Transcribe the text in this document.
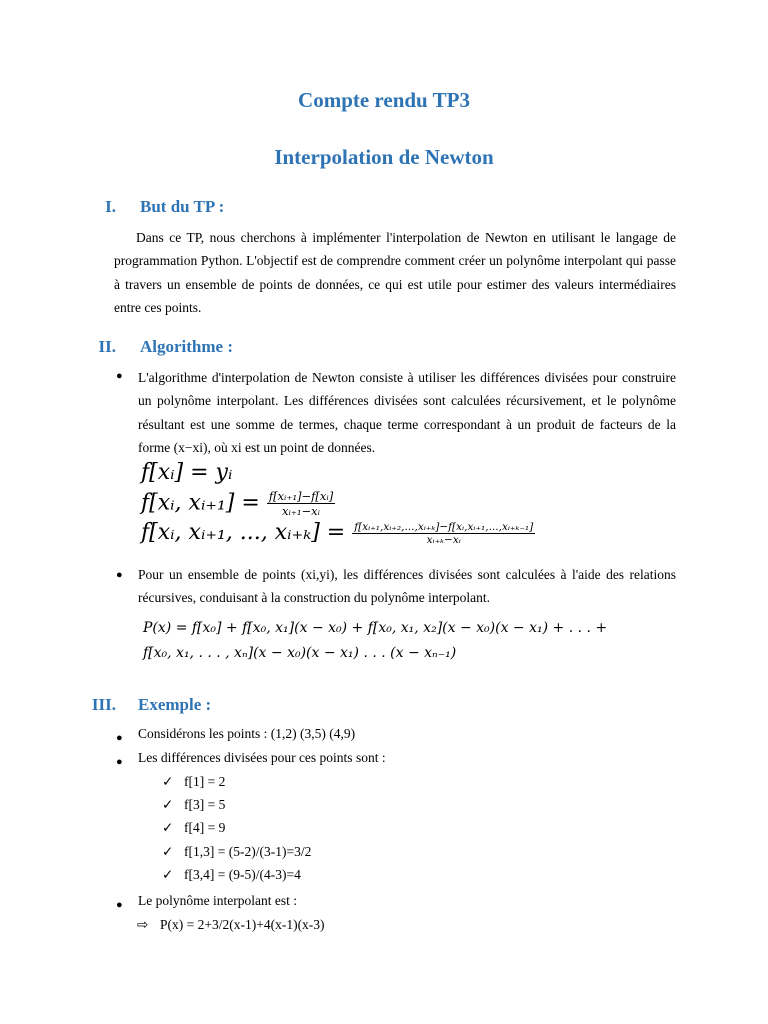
Compte rendu TP3
Interpolation de Newton
I. But du TP :
Dans ce TP, nous cherchons à implémenter l'interpolation de Newton en utilisant le langage de programmation Python. L'objectif est de comprendre comment créer un polynôme interpolant qui passe à travers un ensemble de points de données, ce qui est utile pour estimer des valeurs intermédiaires entre ces points.
II. Algorithme :
● L'algorithme d'interpolation de Newton consiste à utiliser les différences divisées pour construire un polynôme interpolant. Les différences divisées sont calculées récursivement, et le polynôme résultant est une somme de termes, chaque terme correspondant à un produit de facteurs de la forme (x−xi), où xi est un point de données.
f[xᵢ] = yᵢ
f[xᵢ, xᵢ₊₁] = $\frac{\text{f[xᵢ₊₁]−f[xᵢ]}}{\text{xᵢ₊₁−xᵢ}}$
f[xᵢ, xᵢ₊₁, ..., xᵢ₊ₖ] = $\frac{\text{f[xᵢ₊₁,xᵢ₊₂,...,xᵢ₊ₖ]−f[xᵢ,xᵢ₊₁,...,xᵢ₊ₖ₋₁]}}{\text{xᵢ₊ₖ−xᵢ}}$
● Pour un ensemble de points (xi,yi), les différences divisées sont calculées à l'aide des relations récursives, conduisant à la construction du polynôme interpolant.
P(x) = f[x₀] + f[x₀, x₁](x − x₀) + f[x₀, x₁, x₂](x − x₀)(x − x₁) + . . . +
f[x₀, x₁, . . . , xₙ](x − x₀)(x − x₁) . . . (x − xₙ₋₁)
III. Exemple :
● Considérons les points : (1,2) (3,5) (4,9)
● Les différences divisées pour ces points sont :
✓ f[1] = 2
✓ f[3] = 5
✓ f[4] = 9
✓ f[1,3] = (5-2)/(3-1)=3/2
✓ f[3,4] = (9-5)/(4-3)=4
● Le polynôme interpolant est :
⇨ P(x) = 2+3/2(x-1)+4(x-1)(x-3)
